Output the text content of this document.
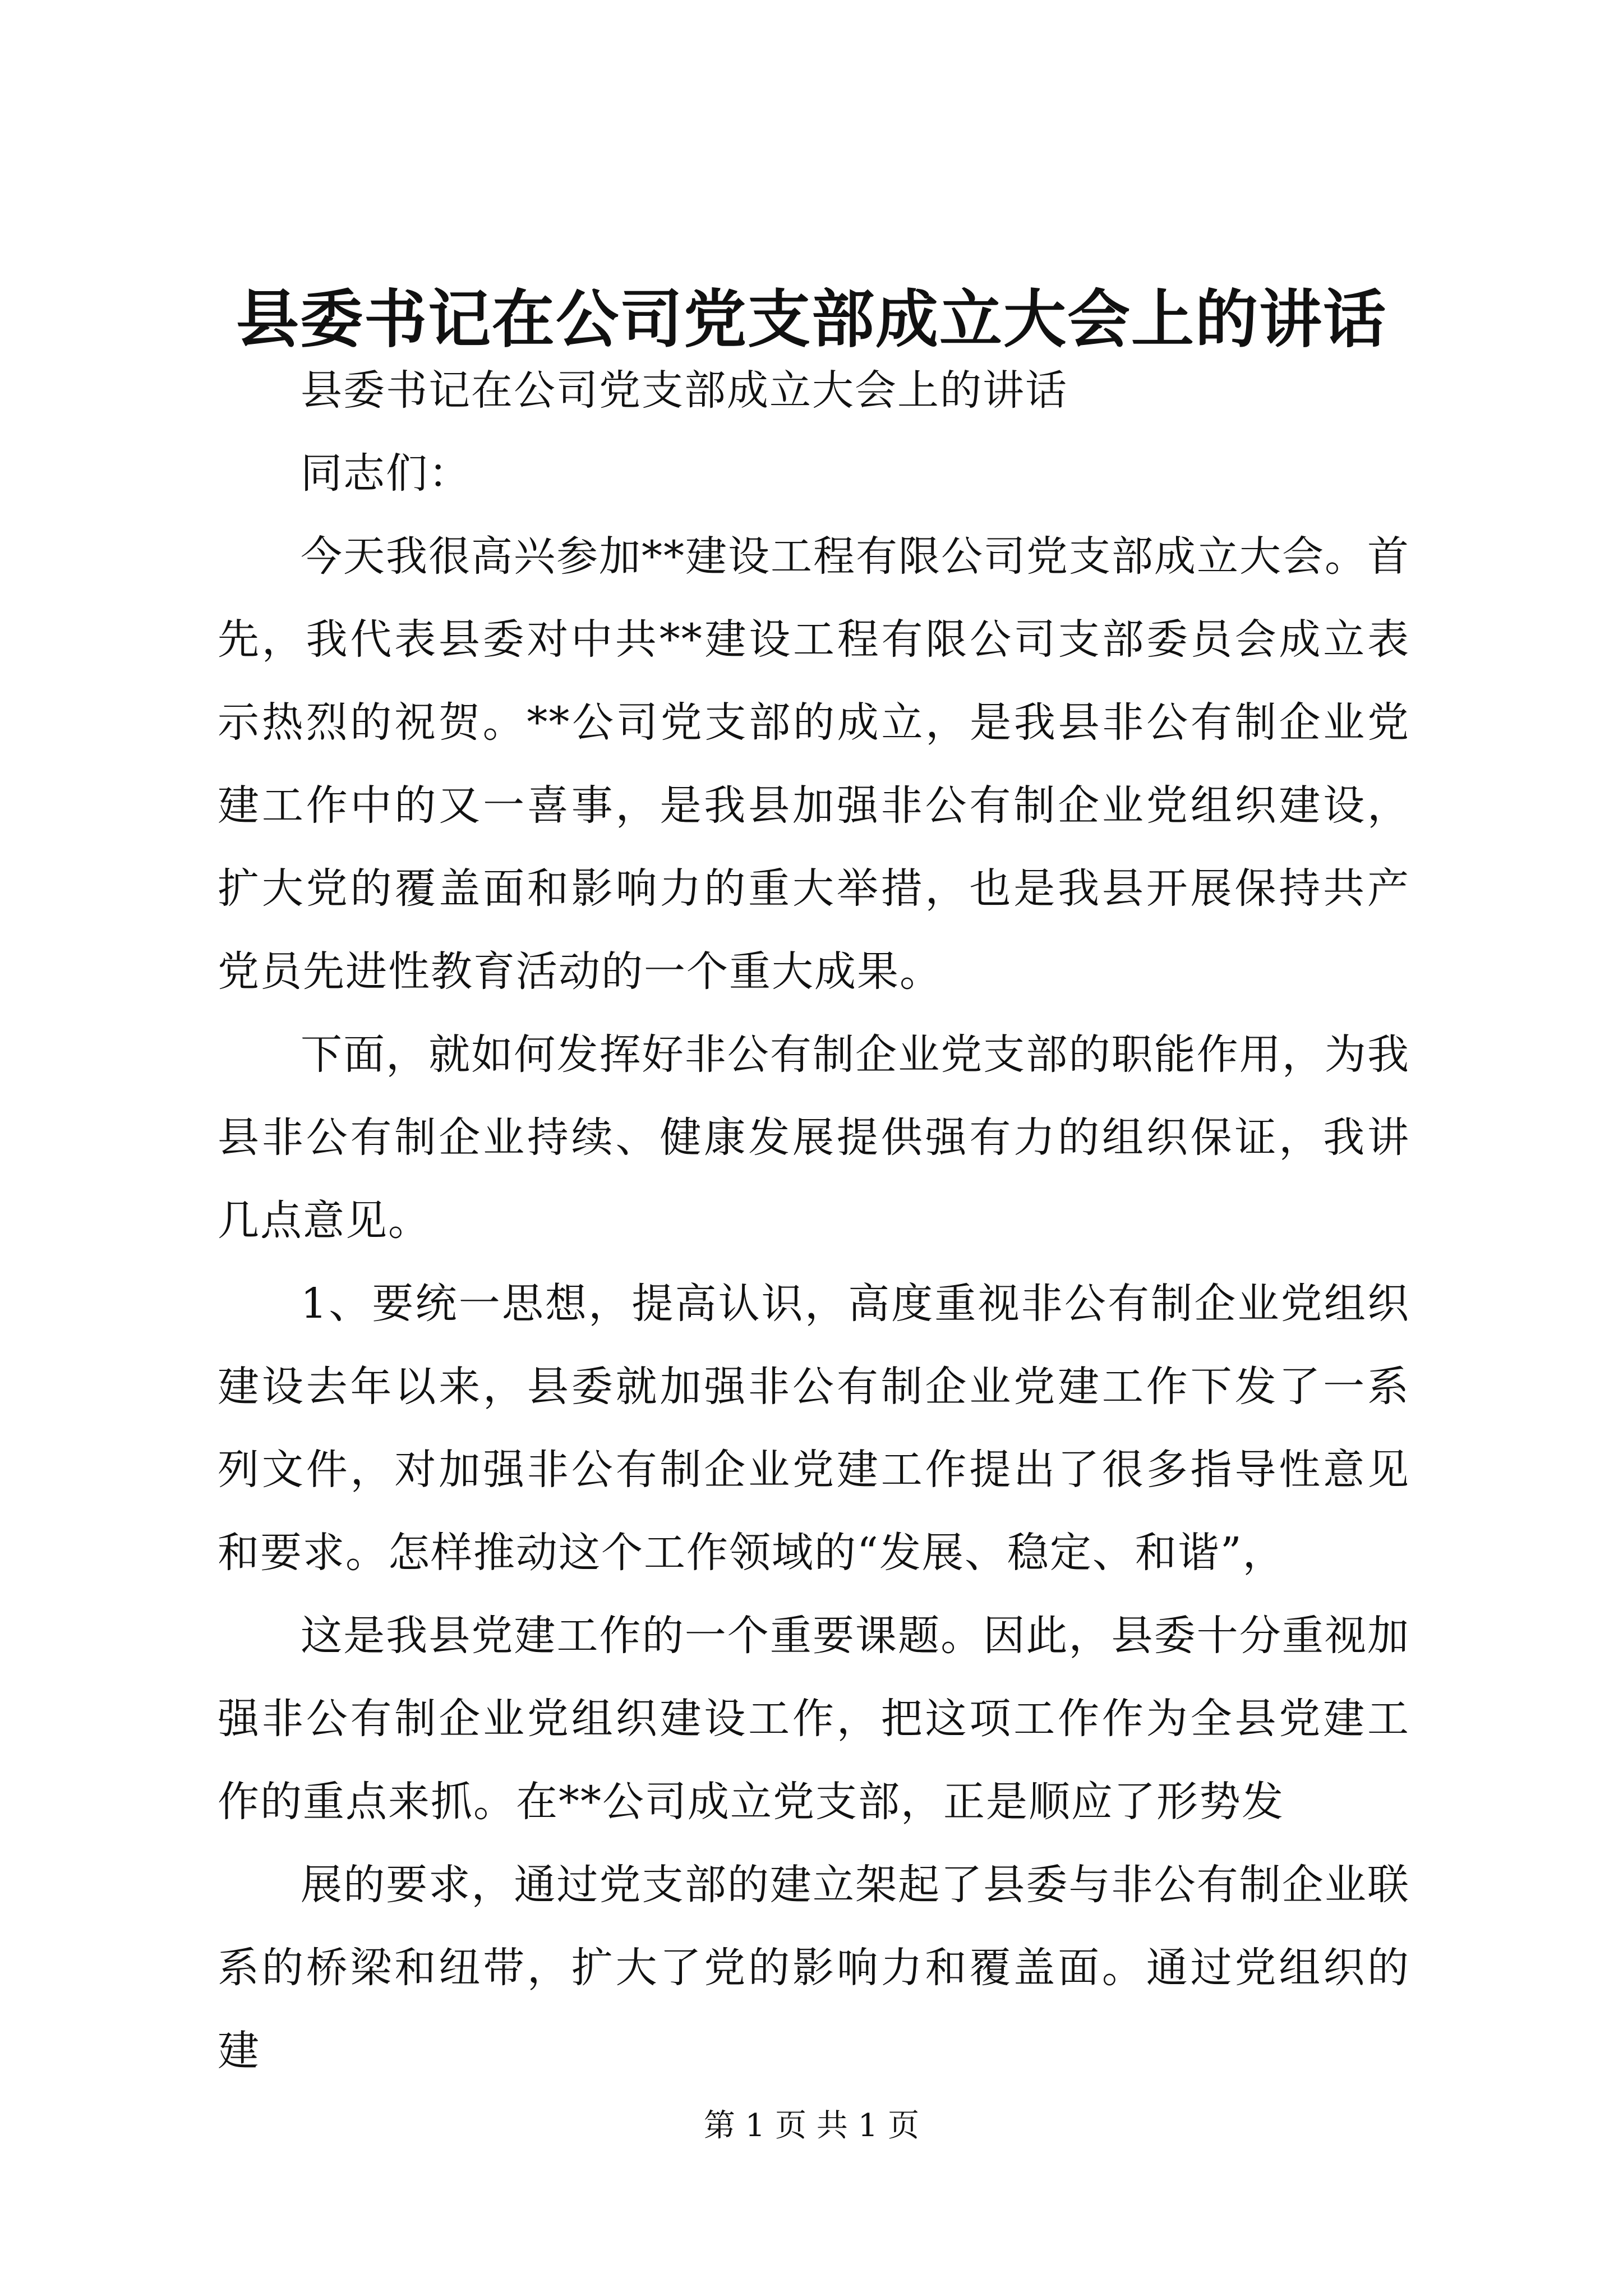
县委书记在公司党支部成立大会上的讲话

县委书记在公司党支部成立大会上的讲话

同志们：

今天我很高兴参加**建设工程有限公司党支部成立大会。首先，我代表县委对中共**建设工程有限公司支部委员会成立表示热烈的祝贺。**公司党支部的成立，是我县非公有制企业党建工作中的又一喜事，是我县加强非公有制企业党组织建设，扩大党的覆盖面和影响力的重大举措，也是我县开展保持共产党员先进性教育活动的一个重大成果。

下面，就如何发挥好非公有制企业党支部的职能作用，为我县非公有制企业持续、健康发展提供强有力的组织保证，我讲几点意见。

1、要统一思想，提高认识，高度重视非公有制企业党组织建设去年以来，县委就加强非公有制企业党建工作下发了一系列文件，对加强非公有制企业党建工作提出了很多指导性意见和要求。怎样推动这个工作领域的“发展、稳定、和谐”，

这是我县党建工作的一个重要课题。因此，县委十分重视加强非公有制企业党组织建设工作，把这项工作作为全县党建工作的重点来抓。在**公司成立党支部，正是顺应了形势发

展的要求，通过党支部的建立架起了县委与非公有制企业联系的桥梁和纽带，扩大了党的影响力和覆盖面。通过党组织的建

第 1 页 共 1 页
